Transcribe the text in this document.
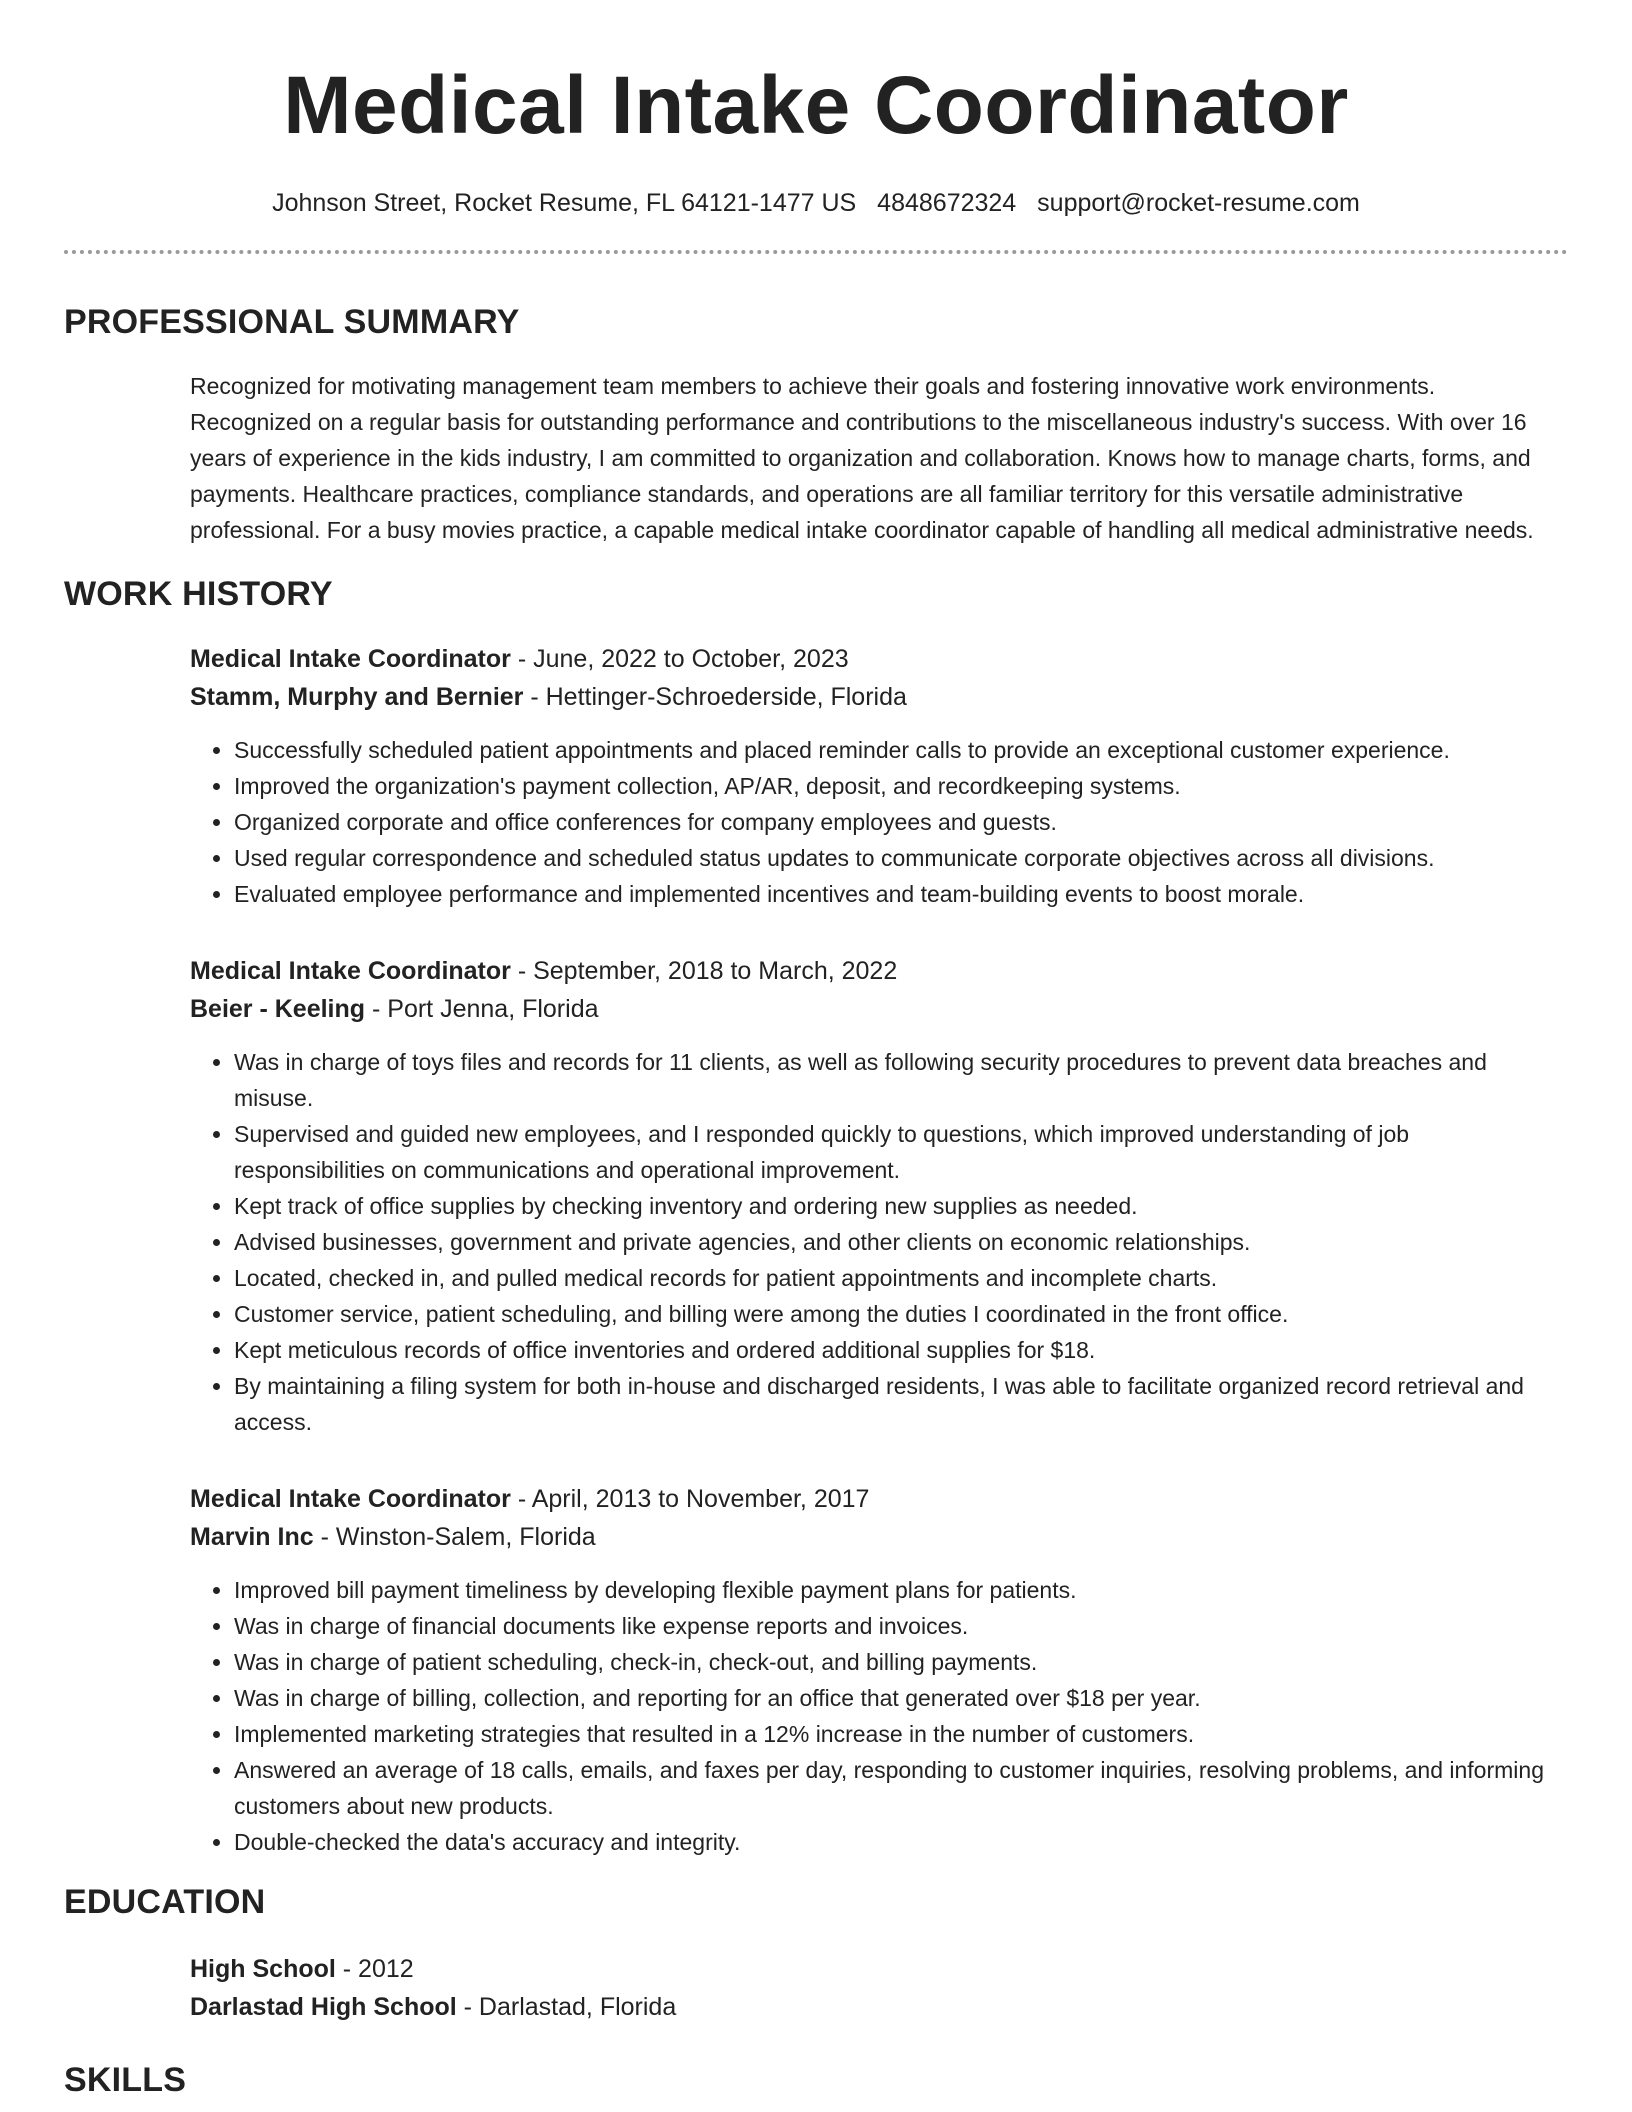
Medical Intake Coordinator
Johnson Street, Rocket Resume, FL 64121-1477 US 4848672324 support@rocket-resume.com
PROFESSIONAL SUMMARY
Recognized for motivating management team members to achieve their goals and fostering innovative work environments. Recognized on a regular basis for outstanding performance and contributions to the miscellaneous industry's success. With over 16 years of experience in the kids industry, I am committed to organization and collaboration. Knows how to manage charts, forms, and payments. Healthcare practices, compliance standards, and operations are all familiar territory for this versatile administrative professional. For a busy movies practice, a capable medical intake coordinator capable of handling all medical administrative needs.
WORK HISTORY
Medical Intake Coordinator - June, 2022 to October, 2023
Stamm, Murphy and Bernier - Hettinger-Schroederside, Florida
• Successfully scheduled patient appointments and placed reminder calls to provide an exceptional customer experience.
• Improved the organization's payment collection, AP/AR, deposit, and recordkeeping systems.
• Organized corporate and office conferences for company employees and guests.
• Used regular correspondence and scheduled status updates to communicate corporate objectives across all divisions.
• Evaluated employee performance and implemented incentives and team-building events to boost morale.
Medical Intake Coordinator - September, 2018 to March, 2022
Beier - Keeling - Port Jenna, Florida
• Was in charge of toys files and records for 11 clients, as well as following security procedures to prevent data breaches and misuse.
• Supervised and guided new employees, and I responded quickly to questions, which improved understanding of job responsibilities on communications and operational improvement.
• Kept track of office supplies by checking inventory and ordering new supplies as needed.
• Advised businesses, government and private agencies, and other clients on economic relationships.
• Located, checked in, and pulled medical records for patient appointments and incomplete charts.
• Customer service, patient scheduling, and billing were among the duties I coordinated in the front office.
• Kept meticulous records of office inventories and ordered additional supplies for $18.
• By maintaining a filing system for both in-house and discharged residents, I was able to facilitate organized record retrieval and access.
Medical Intake Coordinator - April, 2013 to November, 2017
Marvin Inc - Winston-Salem, Florida
• Improved bill payment timeliness by developing flexible payment plans for patients.
• Was in charge of financial documents like expense reports and invoices.
• Was in charge of patient scheduling, check-in, check-out, and billing payments.
• Was in charge of billing, collection, and reporting for an office that generated over $18 per year.
• Implemented marketing strategies that resulted in a 12% increase in the number of customers.
• Answered an average of 18 calls, emails, and faxes per day, responding to customer inquiries, resolving problems, and informing customers about new products.
• Double-checked the data's accuracy and integrity.
EDUCATION
High School - 2012
Darlastad High School - Darlastad, Florida
SKILLS
